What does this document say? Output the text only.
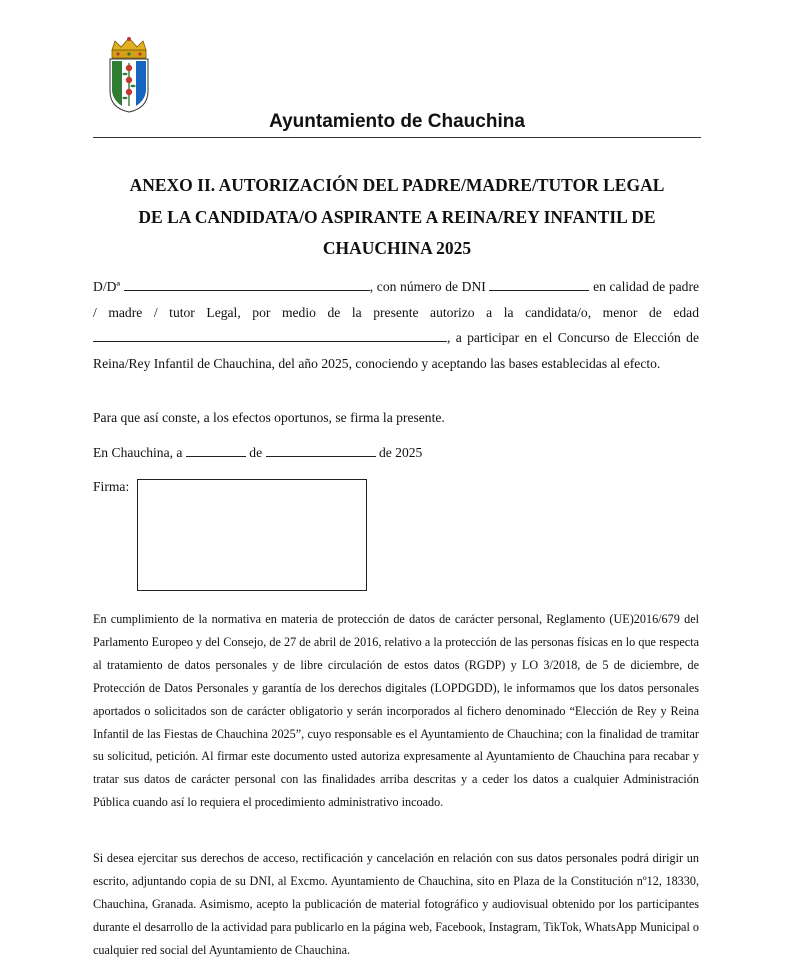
Ayuntamiento de Chauchina
ANEXO II. AUTORIZACIÓN DEL PADRE/MADRE/TUTOR LEGAL
DE LA CANDIDATA/O ASPIRANTE A REINA/REY INFANTIL DE
CHAUCHINA 2025
D/Dª	, con número de DNI	en calidad de padre / madre / tutor Legal, por medio de la presente autorizo a la candidata/o, menor de edad , a participar en el Concurso de Elección de Reina/Rey Infantil de Chauchina, del año 2025, conociendo y aceptando las bases establecidas al efecto.
Para que así conste, a los efectos oportunos, se firma la presente.
En Chauchina, a	de	de 2025
Firma:
En cumplimiento de la normativa en materia de protección de datos de carácter personal, Reglamento (UE)2016/679 del Parlamento Europeo y del Consejo, de 27 de abril de 2016, relativo a la protección de las personas físicas en lo que respecta al tratamiento de datos personales y de libre circulación de estos datos (RGDP) y LO 3/2018, de 5 de diciembre, de Protección de Datos Personales y garantía de los derechos digitales (LOPDGDD), le informamos que los datos personales aportados o solicitados son de carácter obligatorio y serán incorporados al fichero denominado “Elección de Rey y Reina Infantil de las Fiestas de Chauchina 2025”, cuyo responsable es el Ayuntamiento de Chauchina; con la finalidad de tramitar su solicitud, petición. Al firmar este documento usted autoriza expresamente al Ayuntamiento de Chauchina para recabar y tratar sus datos de carácter personal con las finalidades arriba descritas y a ceder los datos a cualquier Administración Pública cuando así lo requiera el procedimiento administrativo incoado.
Si desea ejercitar sus derechos de acceso, rectificación y cancelación en relación con sus datos personales podrá dirigir un escrito, adjuntando copia de su DNI, al Excmo. Ayuntamiento de Chauchina, sito en Plaza de la Constitución nº12, 18330, Chauchina, Granada. Asimismo, acepto la publicación de material fotográfico y audiovisual obtenido por los participantes durante el desarrollo de la actividad para publicarlo en la página web, Facebook, Instagram, TikTok, WhatsApp Municipal o cualquier red social del Ayuntamiento de Chauchina.
